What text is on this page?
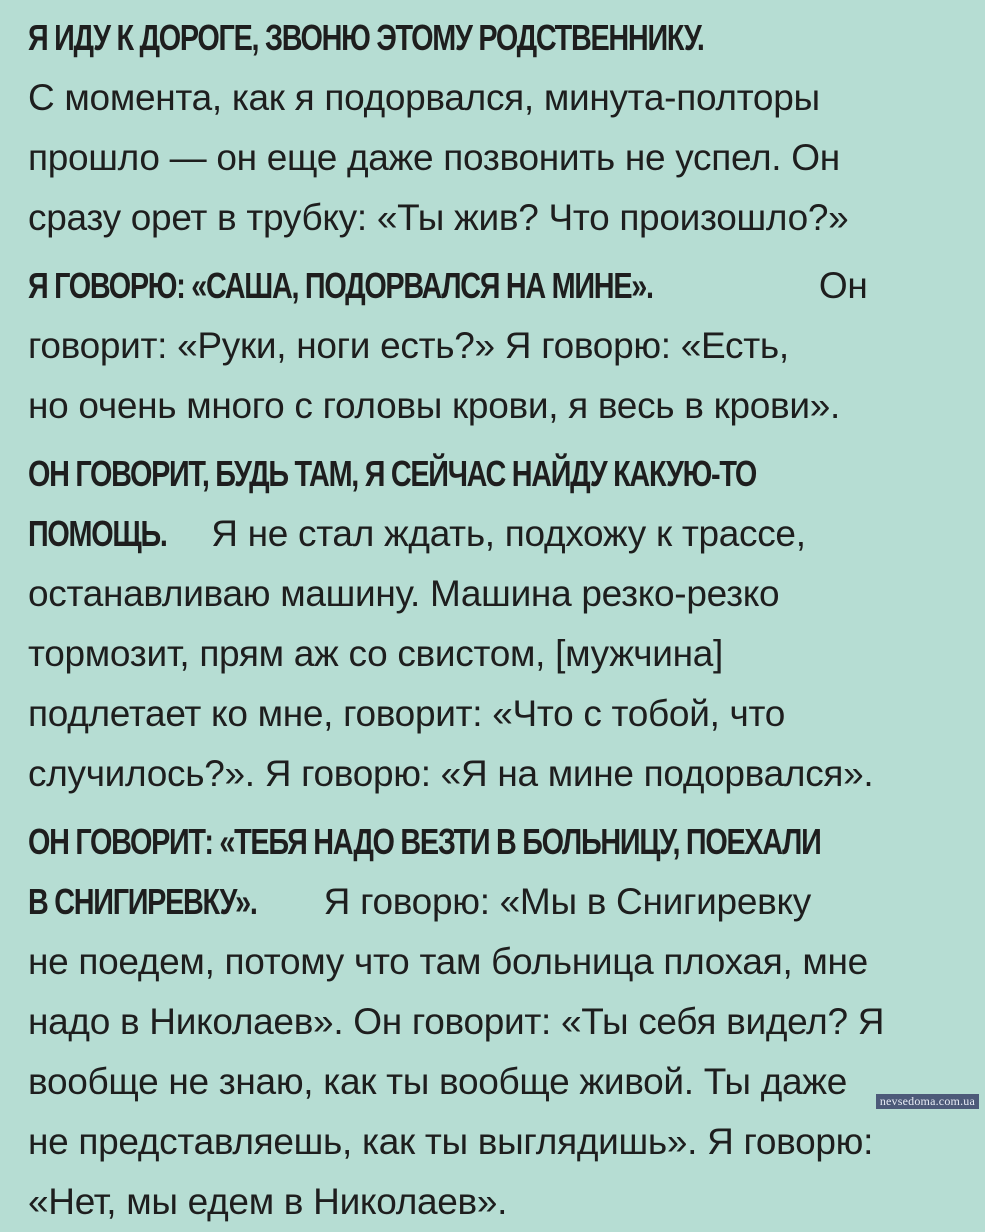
Я ИДУ К ДОРОГЕ, ЗВОНЮ ЭТОМУ РОДСТВЕННИКУ.
С момента, как я подорвался, минута-полторы
прошло — он еще даже позвонить не успел. Он
сразу орет в трубку: «Ты жив? Что произошло?»

Я ГОВОРЮ: «САША, ПОДОРВАЛСЯ НА МИНЕ».	Он
говорит: «Руки, ноги есть?» Я говорю: «Есть,
но очень много с головы крови, я весь в крови».

ОН ГОВОРИТ, БУДЬ ТАМ, Я СЕЙЧАС НАЙДУ КАКУЮ-ТО
ПОМОЩЬ. Я не стал ждать, подхожу к трассе,
останавливаю машину. Машина резко-резко
тормозит, прям аж со свистом, [мужчина]
подлетает ко мне, говорит: «Что с тобой, что
случилось?». Я говорю: «Я на мине подорвался».

ОН ГОВОРИТ: «ТЕБЯ НАДО ВЕЗТИ В БОЛЬНИЦУ, ПОЕХАЛИ
В СНИГИРЕВКУ». Я говорю: «Мы в Снигиревку
не поедем, потому что там больница плохая, мне
надо в Николаев». Он говорит: «Ты себя видел? Я
вообще не знаю, как ты вообще живой. Ты даже
не представляешь, как ты выглядишь». Я говорю:
«Нет, мы едем в Николаев».

nevsedoma.com.ua
